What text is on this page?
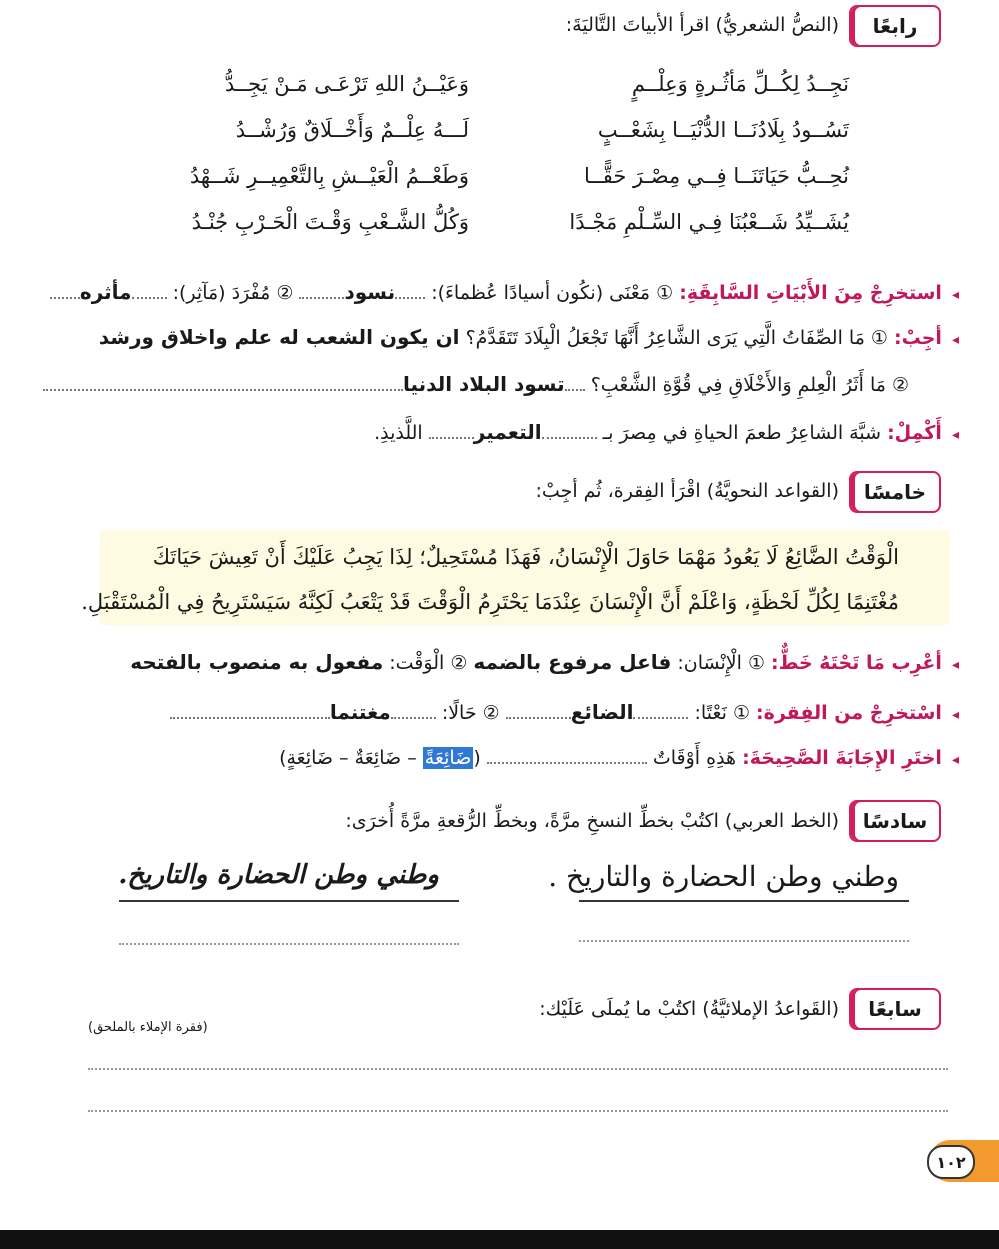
رابعًا
(النصُّ الشعريُّ) اقرأ الأبياتَ التَّاليَةَ:
نَجِــدُ لِكُــلِّ مَأثُـرةٍ وَعِلْــمٍ
وَعَيْــنُ اللهِ تَرْعَـى مَـنْ يَجِــدُّ
تَسُــودُ بِلَادُنَــا الدُّنْيَــا بِشَعْــبٍ
لَـــهُ عِلْــمٌ وَأَخْــلَاقٌ وَرُشْــدُ
نُحِــبُّ حَيَاتَنَــا فِــي مِصْـرَ حَقًّــا
وَطَعْــمُ الْعَيْــشِ بِالتَّعْمِيــرِ شَــهْدُ
يُشَــيِّدُ شَــعْبُنَا فِـي السِّـلْمِ مَجْـدًا
وَكُلُّ الشَّـعْبِ وَقْـتَ الْحَـرْبِ جُنْـدُ
◂ استخرِجْ مِنَ الأَبْيَاتِ السَّابِقَةِ: ① مَعْنَى (نكُون أسيادًا عُظماءَ): نسود ② مُفْرَدَ (مَآثِر): مأثره
◂ أجِبْ: ① مَا الصِّفَاتُ الَّتِي يَرَى الشَّاعِرُ أَنَّهَا تَجْعَلُ الْبِلَادَ تَتَقَدَّمُ؟ ان يكون الشعب له علم واخلاق ورشد
② مَا أَثَرُ الْعِلمِ وَالأَخْلَاقِ فِي قُوَّةِ الشَّعْبِ؟ تسود البلاد الدنيا
◂ أَكْمِلْ: شبَّهَ الشاعِرُ طعمَ الحياةِ في مِصرَ بـ التعمير اللَّذيذِ.
خامسًا
(القواعد النحويَّةُ) اقْرَأ الفِقرة، ثُم أجِبْ:
الْوَقْتُ الضَّائِعُ لَا يَعُودُ مَهْمَا حَاوَلَ الْإِنْسَانُ، فَهَذَا مُسْتَحِيلٌ؛ لِذَا يَجِبُ عَلَيْكَ أَنْ تَعِيشَ حَيَاتَكَ
مُغْتَنِمًا لِكُلِّ لَحْظَةٍ، وَاعْلَمْ أَنَّ الْإِنْسَانَ عِنْدَمَا يَحْتَرِمُ الْوَقْتَ قَدْ يَتْعَبُ لَكِنَّهُ سَيَسْتَرِيحُ فِي الْمُسْتَقْبَلِ.
◂ أعْرِب مَا تَحْتَهُ خَطٌّ: ① الْإِنْسَان: فاعل مرفوع بالضمه ② الْوَقْت: مفعول به منصوب بالفتحه
◂ اسْتخرِجْ من الفِقرة: ① نَعْتًا: الضائع ② حَالًا: مغتنما
◂ اختَرِ الإِجَابَةَ الصَّحِيحَةَ: هَذِهِ أَوْقَاتٌ  (ضَائِعَةً – ضَائِعَةٌ – ضَائِعَةٍ)
سادسًا
(الخط العربي) اكتُبْ بخطِّ النسخِ مرَّةً، وبخطِّ الرُّقعةِ مرَّةً أُخرَى:
وطني وطن الحضارة والتاريخ .
وطني وطن الحضارة والتاريخ.
سابعًا
(القَواعدُ الإملائيَّةُ) اكتُبْ ما يُملَى عَلَيْك:
(فقرة الإملاء بالملحق)
١٠٢
